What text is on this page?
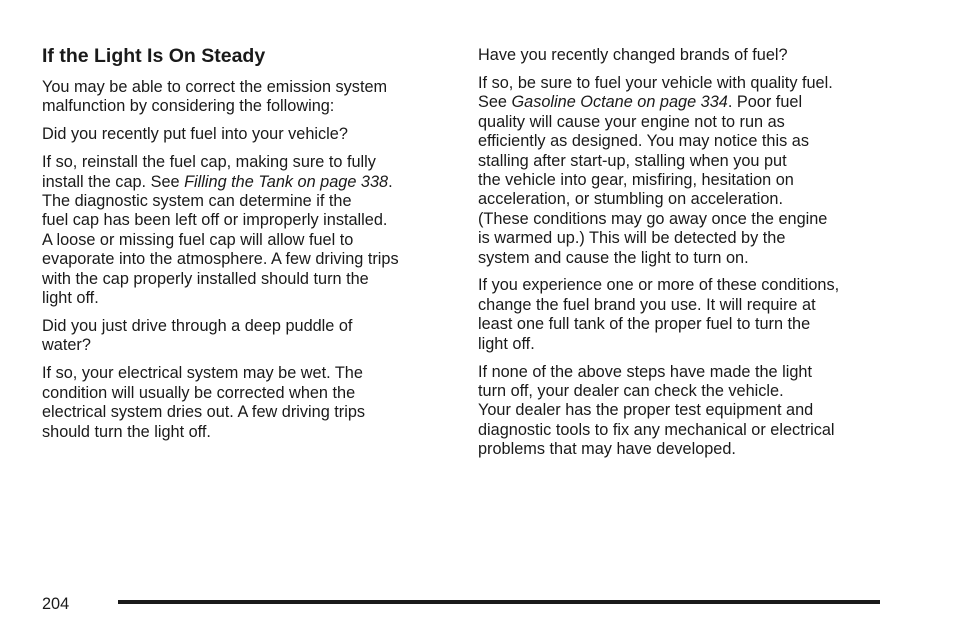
If the Light Is On Steady
You may be able to correct the emission system
malfunction by considering the following:
Did you recently put fuel into your vehicle?
If so, reinstall the fuel cap, making sure to fully
install the cap. See Filling the Tank on page 338.
The diagnostic system can determine if the
fuel cap has been left off or improperly installed.
A loose or missing fuel cap will allow fuel to
evaporate into the atmosphere. A few driving trips
with the cap properly installed should turn the
light off.
Did you just drive through a deep puddle of
water?
If so, your electrical system may be wet. The
condition will usually be corrected when the
electrical system dries out. A few driving trips
should turn the light off.
Have you recently changed brands of fuel?
If so, be sure to fuel your vehicle with quality fuel.
See Gasoline Octane on page 334. Poor fuel
quality will cause your engine not to run as
efficiently as designed. You may notice this as
stalling after start-up, stalling when you put
the vehicle into gear, misfiring, hesitation on
acceleration, or stumbling on acceleration.
(These conditions may go away once the engine
is warmed up.) This will be detected by the
system and cause the light to turn on.
If you experience one or more of these conditions,
change the fuel brand you use. It will require at
least one full tank of the proper fuel to turn the
light off.
If none of the above steps have made the light
turn off, your dealer can check the vehicle.
Your dealer has the proper test equipment and
diagnostic tools to fix any mechanical or electrical
problems that may have developed.
204
